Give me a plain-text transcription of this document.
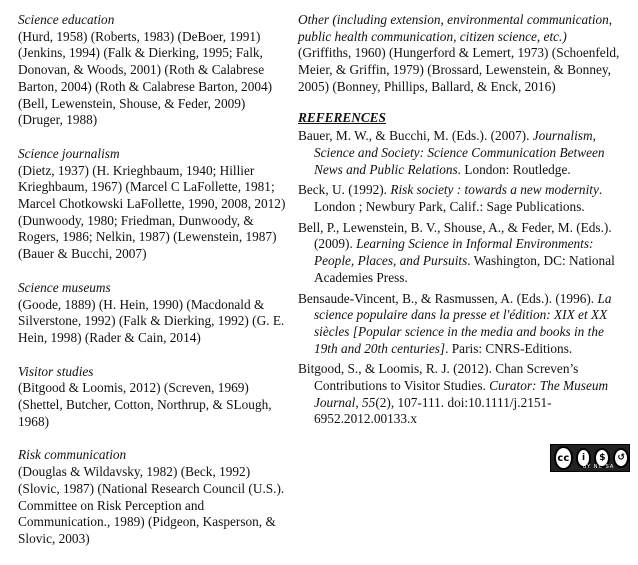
Science education

(Hurd, 1958) (Roberts, 1983) (DeBoer, 1991) (Jenkins, 1994) (Falk & Dierking, 1995; Falk, Donovan, & Woods, 2001) (Roth & Calabrese Barton, 2004) (Roth & Calabrese Barton, 2004) (Bell, Lewenstein, Shouse, & Feder, 2009) (Druger, 1988)

Science journalism

(Dietz, 1937) (H. Krieghbaum, 1940; Hillier Krieghbaum, 1967) (Marcel C LaFollette, 1981; Marcel Chotkowski LaFollette, 1990, 2008, 2012) (Dunwoody, 1980; Friedman, Dunwoody, & Rogers, 1986; Nelkin, 1987) (Lewenstein, 1987) (Bauer & Bucchi, 2007)

Science museums

(Goode, 1889) (H. Hein, 1990) (Macdonald & Silverstone, 1992) (Falk & Dierking, 1992) (G. E. Hein, 1998) (Rader & Cain, 2014)

Visitor studies

(Bitgood & Loomis, 2012) (Screven, 1969) (Shettel, Butcher, Cotton, Northrup, & SLough, 1968)

Risk communication

(Douglas & Wildavsky, 1982) (Beck, 1992) (Slovic, 1987) (National Research Council (U.S.). Committee on Risk Perception and Communication., 1989) (Pidgeon, Kasperson, & Slovic, 2003)

Other (including extension, environmental communication, public health communication, citizen science, etc.)

(Griffiths, 1960) (Hungerford & Lemert, 1973) (Schoenfeld, Meier, & Griffin, 1979) (Brossard, Lewenstein, & Bonney, 2005) (Bonney, Phillips, Ballard, & Enck, 2016)

REFERENCES

Bauer, M. W., & Bucchi, M. (Eds.). (2007). Journalism, Science and Society: Science Communication Between News and Public Relations. London: Routledge.

Beck, U. (1992). Risk society : towards a new modernity. London ; Newbury Park, Calif.: Sage Publications.

Bell, P., Lewenstein, B. V., Shouse, A., & Feder, M. (Eds.). (2009). Learning Science in Informal Environments: People, Places, and Pursuits. Washington, DC: National Academies Press.

Bensaude-Vincent, B., & Rasmussen, A. (Eds.). (1996). La science populaire dans la presse et l'édition: XIX et XX siècles [Popular science in the media and books in the 19th and 20th centuries]. Paris: CNRS-Editions.

Bitgood, S., & Loomis, R. J. (2012). Chan Screven’s Contributions to Visitor Studies. Curator: The Museum Journal, 55(2), 107-111. doi:10.1111/j.2151-6952.2012.00133.x

cc	i	$	↺
BY NC SA
